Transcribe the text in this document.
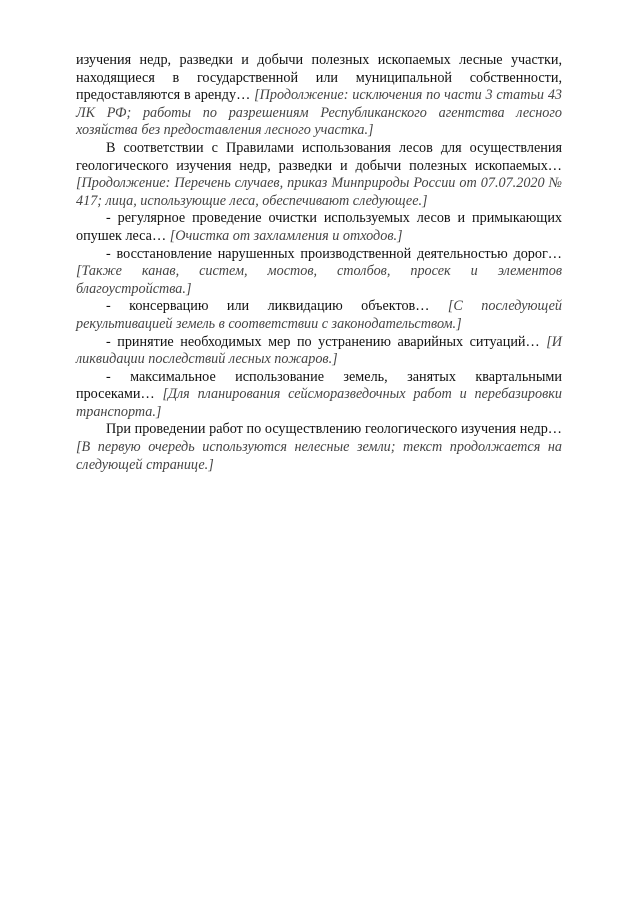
изучения недр, разведки и добычи полезных ископаемых лесные участки, находящиеся в государственной или муниципальной собственности, предоставляются в аренду… [Продолжение: исключения по части 3 статьи 43 ЛК РФ; работы по разрешениям Республиканского агентства лесного хозяйства без предоставления лесного участка.]

В соответствии с Правилами использования лесов для осуществления геологического изучения недр, разведки и добычи полезных ископаемых… [Продолжение: Перечень случаев, приказ Минприроды России от 07.07.2020 № 417; лица, использующие леса, обеспечивают следующее.]

- регулярное проведение очистки используемых лесов и примыкающих опушек леса… [Очистка от захламления и отходов.]

- восстановление нарушенных производственной деятельностью дорог… [Также канав, систем, мостов, столбов, просек и элементов благоустройства.]

- консервацию или ликвидацию объектов… [С последующей рекультивацией земель в соответствии с законодательством.]

- принятие необходимых мер по устранению аварийных ситуаций… [И ликвидации последствий лесных пожаров.]

- максимальное использование земель, занятых квартальными просеками… [Для планирования сейсморазведочных работ и перебазировки транспорта.]

При проведении работ по осуществлению геологического изучения недр… [В первую очередь используются нелесные земли; текст продолжается на следующей странице.]
